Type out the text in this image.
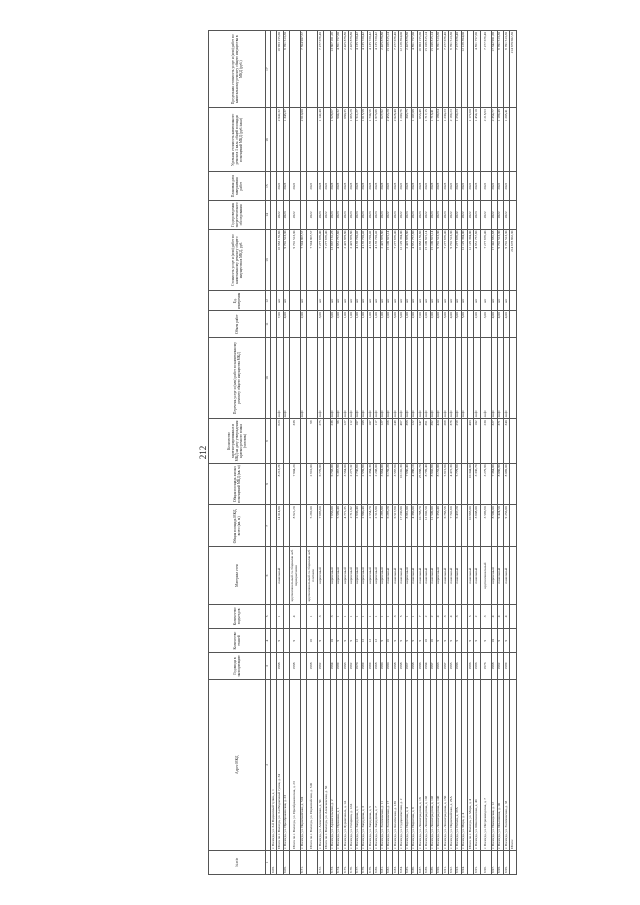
212
№ п/п	Адрес МКД	Год ввода в эксплуатацию	Количество этажей	Количество подъездов	Материал стен	Общая площадь МКД, всего (кв. м)	Общая площадь жилых помещений МКД (кв. м)	Количество зарегистрированных в МКД на дату утверждения краткосрочного плана (человек)	Перечень услуг и (или) работ по капитальному ремонту общего имущества МКД	Объем работ	Ед. измерения	Стоимость услуг и (или) работ по капитальному ремонту общего имущества в МКД, руб.	Год проведения энергетического обследования	Плановая дата завершения работ	Удельная стоимость капитального ремонта 1 кв.м. общей площади помещений МКД (руб./кв.м)	Предельная стоимость услуг и (или) работ по капитальному ремонту общего имущества в МКД (руб.)
1	2	3	4	5	6	7	8	9	10	11	12	13	14	15	16	17
6.68.	г. Вологда, ул. 3-й Водоемный тупик, д. 1															
	Итого по г. Вологда, ул. 3-я Водоемный тупик, д. 34	1988	9	1	панельный	14 014,80	8 213,29	623	лифт	7,00	шт	16 983 155,60	2022	2022	2 042,32	16 983 155,60
6.69.	г. Вологда, ул. Преображенская, д. 23								лифт	4,00	шт	9 701 513,30	2023	2023	1 343,37	9 701 513,30
	Итого по г. Вологда, ул. Преображенская, д. 23	1988	9	4	крупнопанельный со сборными ж/б перекрытиями	8 921,20	7 804,20	338				9 701 513,30	2022	2022		
6.71.	г. Вологда, ул. Первомайская, д. 51Б								лифт	2,00	шт	7 594 907,57			2 610,00	7 594 907,57
	Итого по г. Вологда, ул. Первомайская, д. 51Б	1998	16	1	крупнопанельный со сборными ж/б плитами	5 292,00	2 910,00	99				7 594 907,57	2022	2022		
6.72.	г. Вологда, ул. Алексеевская, д. 50	1992	9	3	кирпичный	7 695,60	6 770,00	275	лифт	3,00	шт	7 277 676,40	2023	2023	1 142,40	7 277 676,40
	Итого по г. Вологда, ул. Алексеевская, д. 50											7 277 676,40	2022	2022		
6.73.	г. Вологда, ул. Архангельская, д. 2	1994	10	3	кирпичный	7 656,00	6 703,00	236	лифт	3,00	шт	13 667 161,26	2023	2023	1 929,67	13 667 161,26
6.74.	г. Вологда, ул. Пушкина, д. 1	1999	9	1	кирпичный	5 599,40	5 367,90	86	лифт	2,00	шт	4 851 757,60	2023	2023	904,32	4 851 757,60
6.75.	г. Вологда, ул. Бурмагиных, д. 1А	1983	9	1	кирпичный	4 771,35	3 564,00	127	лифт	1,00	шт	2 425 878,80	2023	2023	680,35	2 425 878,80
6.76.	г. Вологда, ул. Гагарина, д. 12А	1992	9	1	кирпичный	2 711,82	2 277,32	112	лифт	1,00	шт	2 425 878,80	2023	2023	1 065,28	2 425 878,80
6.77.	г. Вологда, ул. Запрудная, д. 1	1970	12	1	кирпичный	2 936,40	2 736,60	107	лифт	1,00	шт	4 135 720,42	2023	2023	1 511,27	4 135 720,42
6.78.	г. Вологда, ул. Запрудная, д. 3	1969	12	1	кирпичный	2 960,40	2 559,90	108	лифт	1,00	шт	4 135 720,42	2023	2023	1 615,58	4 135 720,42
6.79.	г. Вологда, ул. Запрудная, д. 5	1969	12	1	кирпичный	2 554,70	2 384,30	107	лифт	1,00	шт	4 135 720,42	2023	2023	1 734,56	4 135 720,42
6.80.	г. Вологда, ул. Запрудная, д. 7	1968	12	1	кирпичный	2 513,80	2 208,00	117	лифт	1,00	шт	4 135 720,42	2023	2023	1 873,06	4 135 720,42
6.81.	г. Вологда, ул. Зосимовская, д. 11	1990	9	1	кирпичный	4 295,80	3 864,00	127	лифт	1,00	шт	2 425 878,80	2023	2023	627,82	2 425 878,80
6.82.	г. Вологда, ул. Зосимовская, д. 17	1990	16	1	панельный	6 295,20	6 159,20	166	лифт	2,00	шт	15 109 815,14	2022	2022	2 453,20	15 109 815,14
6.83.	г. Вологда, ул. Козлёнская, д. 130	1988	9	3	панельный	6 517,90	3 587,90	249	лифт	3,00	шт	7 277 676,40	2023	2023	2 028,40	7 277 676,40
6.84.	г. Вологда, ул. Судоремонтная, д. 2	1988	9	5	панельный	17 230,80	10 101,30	467	лифт	5,00	шт	12 129 394,00	2022	2022	1 200,76	12 129 394,00
6.85.	г. Вологда, ул. Пирогова, д. 4	1997	9	1	кирпичный	8 861,00	7 986,40	398	лифт	1,00	шт	2 425 878,80	2023	2023	303,75	2 425 878,80
6.86.	г. Вологда, ул. Пирогова, д. 6	1988	9	1	панельный	4 386,00	4 386,10	122	лифт	2,00	шт	4 851 757,60	2023	2023	1 107,08	4 851 757,60
6.87.	г. Вологда, ул. Ленинградская, д. 18	1986	9	7	панельный	10 798,70	25 988,70	547	лифт	7,00	шт	16 983 155,60	2023	2023	653,49	16 983 155,60
6.88.	г. Вологда, ул. Ленинградская, д. 102	1984	16	2	панельный	12 602,50	8 799,40	391	лифт	2,00	шт	15 109 815,14	2022	2022	1 717,15	15 109 815,14
6.89.	г. Вологда, ул. Ленинградская, д. 142	1987	16	2	панельный	12 549,00	8 802,90	382	лифт	2,00	шт	15 109 815,14	2023	2023	1 716,41	15 109 815,14
6.90.	г. Вологда, ул. Ленинградская, д. 146	1993	9	4	кирпичный	9 356,40	8 155,00	424	лифт	4,00	шт	9 701 513,30	2023	2023	1 189,64	9 701 513,30
6.91.	г. Вологда, ул. Ленинградская, д. 150	1987	9	3	панельный	6 783,58	5 915,90	269	лифт	3,00	шт	7 277 676,40	2023	2023	1 230,23	7 277 676,40
6.92.	г. Вологда, ул. Первомайская, д. 29А	1985	9	4	панельный	7 741,60	4 472,30	376	лифт	4,00	шт	9 701 513,30	2022	2022	2 169,23	9 701 513,30
6.93.	г. Вологда, ул. Гоголя, д. 37А	1986	9	3	панельный	6 437,20	5 779,60	259	лифт	3,00	шт	7 277 676,40	2022	2022	1 259,23	7 277 676,40
6.94.	г. Вологда, ул. Мира, д. 4								лифт	5,00	шт	12 129 394,00	2022	2022		12 129 394,00
	Итого по г. Вологда, ул. Мира, д. 4	1996	9	5	панельный	10 993,00	10 344,00	403				12 129 394,00	2022	2022	1 172,60	
6.95.	г. Вологда, ул. Шекснинская, д. 40	1996	9	2	панельный	3 608,00	3 336,70	102	лифт	2,00	шт	4 851 757,60	2023	2023	1 454,10	4 851 757,60
6.96.	г. Вологда, ул. Петрозаводская, д. 7	1976	9	3	крупнопанельный	3 596,90	3 279,80	230	лифт	3,00	шт	7 277 676,40	2022	2022	2 218,93	7 277 676,40
6.97.	г. Вологда, ул. Пионерская, д. 12	1998	10	4	кирпичный	8 509,00	7 364,00	327	лифт	4,00	шт	17 342 981,68	2022	2022	2 354,77	17 342 981,68
6.98.	г. Вологда, ул. Ильюшина, д. 1Б	1992	9	4	панельный	9 424,50	8 080,80	371	лифт	4,00	шт	9 701 513,30	2022	2022	1 199,48	9 701 513,30
6.99.	г. Вологда, ул. Зосимовская, д. 33	1999	9	4	панельный	9 256,00	8 069,00	340	лифт	4,00	шт	9 701 513,30	2022	2022	1 205,41	9 701 513,30
	Итого:											214 678 602,30				214 678 602,30
